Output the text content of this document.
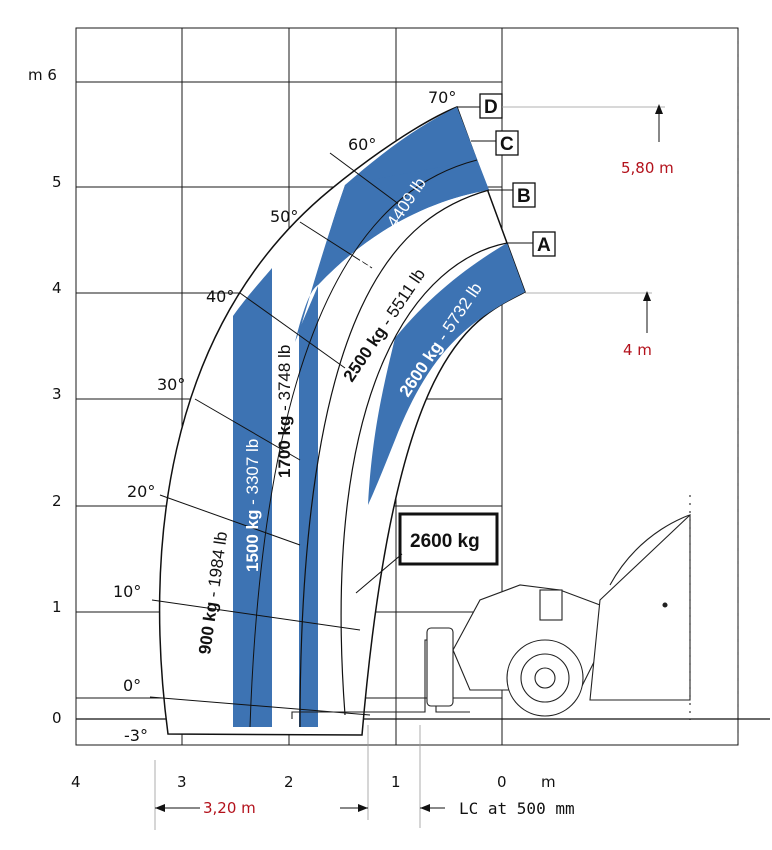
D
C
B
A
m 6
5
4
3
2
1
0
4	3	2	1	0 m
70°
60°
50°
40°
30°
20°
10°
0°
-3°
2000 kg - 4409 lb
2500 kg - 5511 lb
2600 kg - 5732 lb
1700 kg - 3748 lb
1500 kg - 3307 lb
900 kg - 1984 lb	2600 kg
5,80 m
4 m
3,20 m	LC at 500 mm
